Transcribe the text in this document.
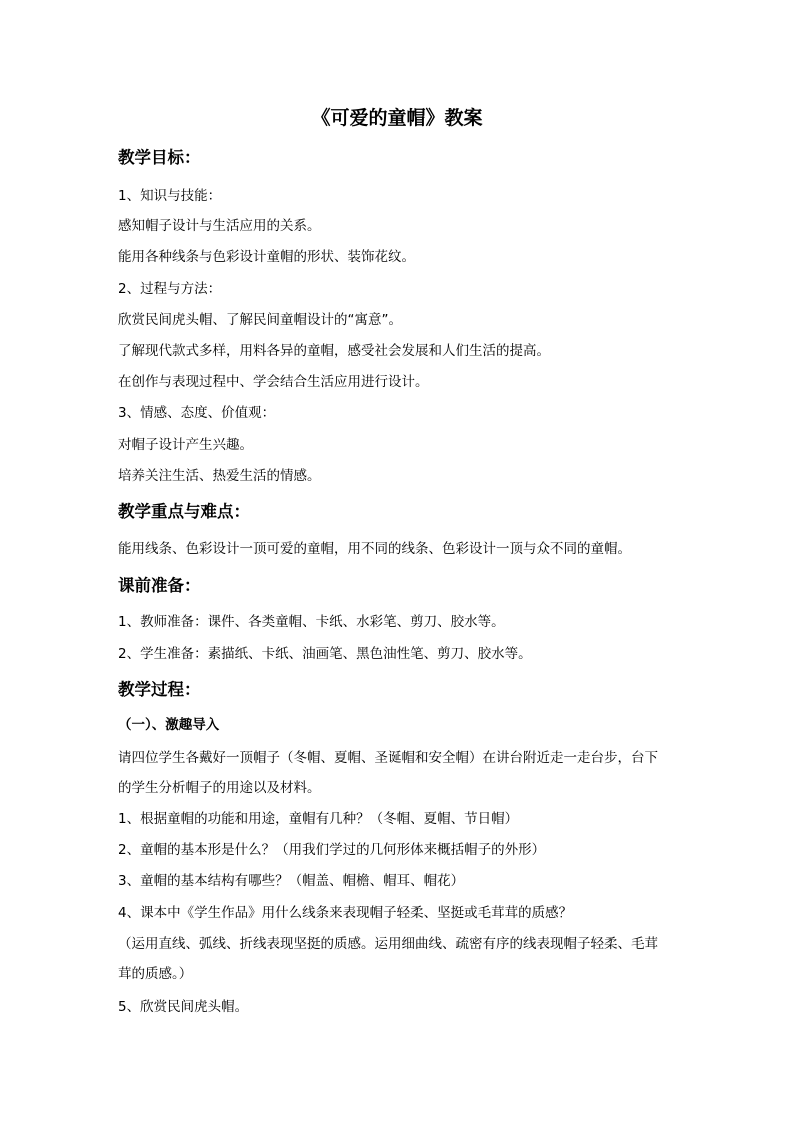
《可爱的童帽》教案
教学目标：
1、知识与技能：
感知帽子设计与生活应用的关系。
能用各种线条与色彩设计童帽的形状、装饰花纹。
2、过程与方法：
欣赏民间虎头帽、了解民间童帽设计的“寓意”。
了解现代款式多样，用料各异的童帽，感受社会发展和人们生活的提高。
在创作与表现过程中、学会结合生活应用进行设计。
3、情感、态度、价值观：
对帽子设计产生兴趣。
培养关注生活、热爱生活的情感。
教学重点与难点：
能用线条、色彩设计一顶可爱的童帽，用不同的线条、色彩设计一顶与众不同的童帽。
课前准备：
1、教师准备：课件、各类童帽、卡纸、水彩笔、剪刀、胶水等。
2、学生准备：素描纸、卡纸、油画笔、黑色油性笔、剪刀、胶水等。
教学过程：
（一）、激趣导入
请四位学生各戴好一顶帽子（冬帽、夏帽、圣诞帽和安全帽）在讲台附近走一走台步，台下
的学生分析帽子的用途以及材料。
1、根据童帽的功能和用途，童帽有几种？（冬帽、夏帽、节日帽）
2、童帽的基本形是什么？（用我们学过的几何形体来概括帽子的外形）
3、童帽的基本结构有哪些？（帽盖、帽檐、帽耳、帽花）
4、课本中《学生作品》用什么线条来表现帽子轻柔、坚挺或毛茸茸的质感？
（运用直线、弧线、折线表现坚挺的质感。运用细曲线、疏密有序的线表现帽子轻柔、毛茸
茸的质感。）
5、欣赏民间虎头帽。
